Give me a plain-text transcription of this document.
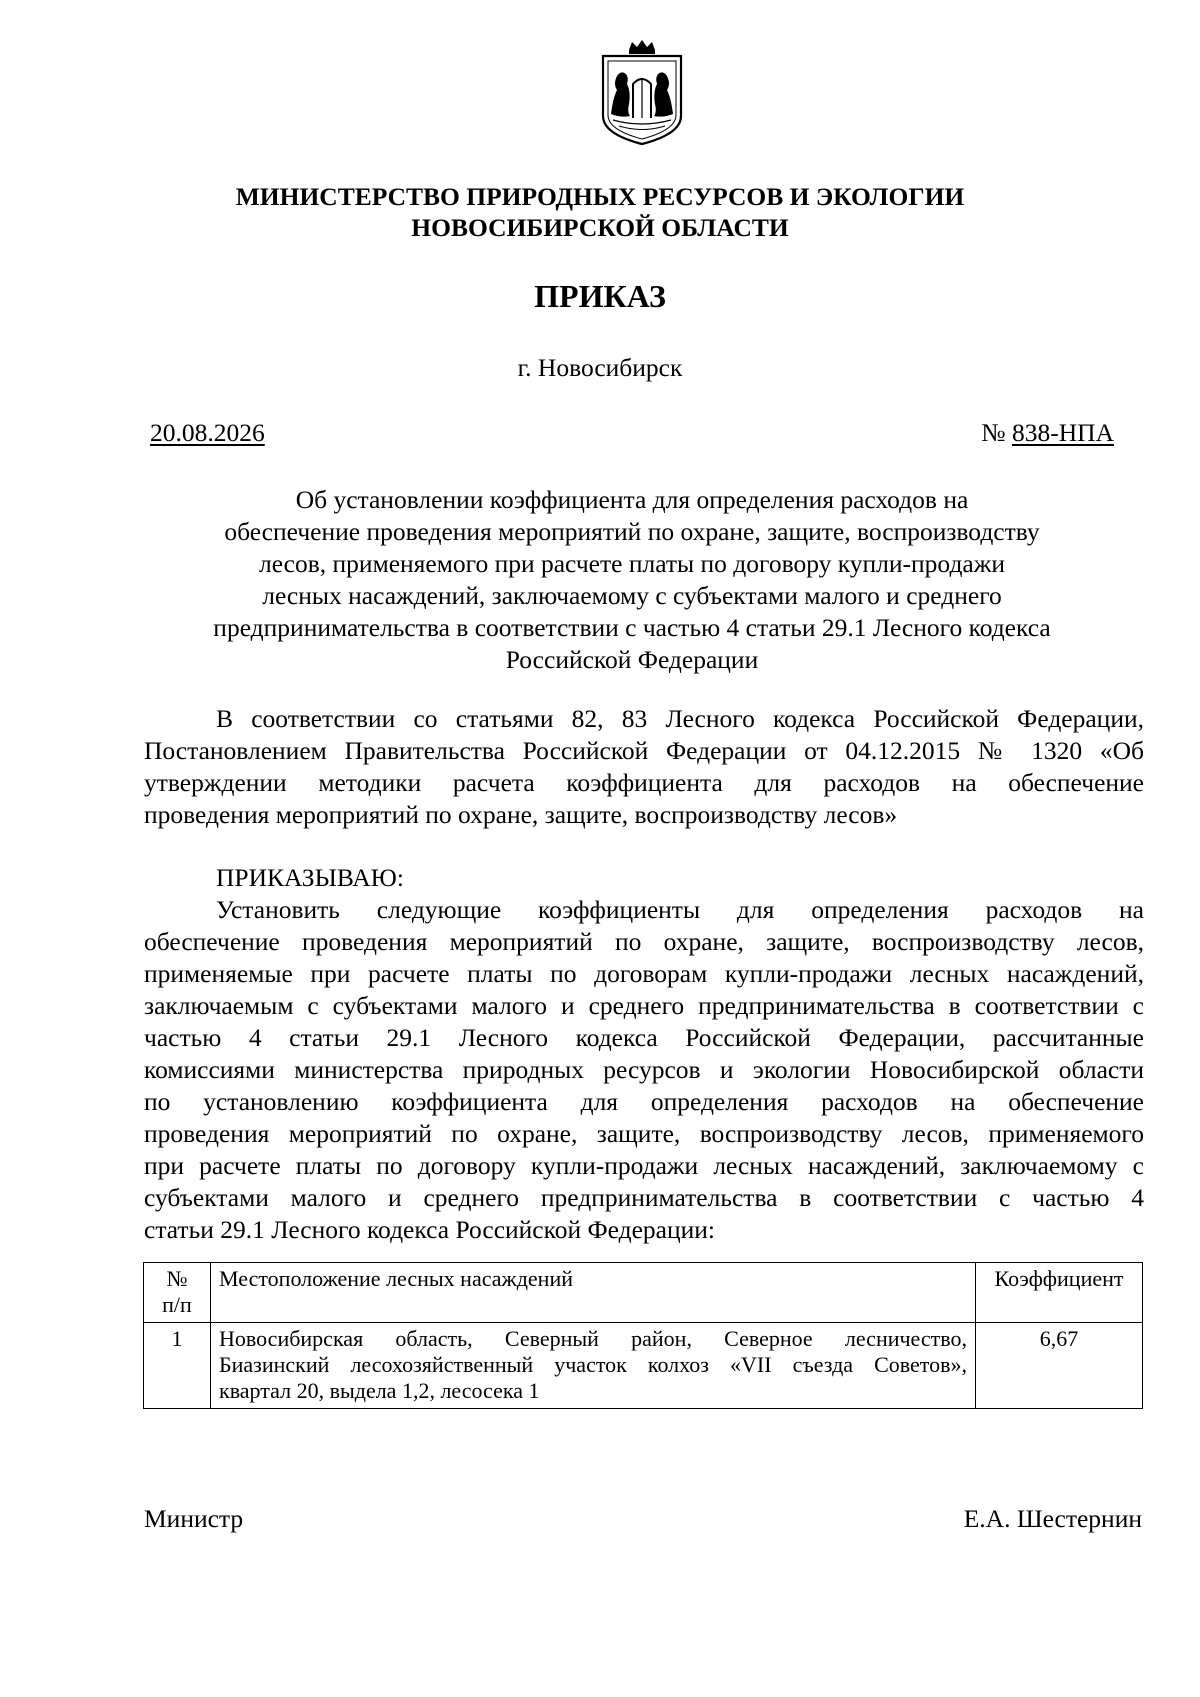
МИНИСТЕРСТВО ПРИРОДНЫХ РЕСУРСОВ И ЭКОЛОГИИ
НОВОСИБИРСКОЙ ОБЛАСТИ
ПРИКАЗ
г. Новосибирск
20.08.2026	№ 838-НПА
Об установлении коэффициента для определения расходов на
обеспечение проведения мероприятий по охране, защите, воспроизводству
лесов, применяемого при расчете платы по договору купли-продажи
лесных насаждений, заключаемому с субъектами малого и среднего
предпринимательства в соответствии с частью 4 статьи 29.1 Лесного кодекса
Российской Федерации
В соответствии со статьями 82, 83 Лесного кодекса Российской Федерации,
Постановлением Правительства Российской Федерации от 04.12.2015 № 1320 «Об
утверждении методики расчета коэффициента для расходов на обеспечение
проведения мероприятий по охране, защите, воспроизводству лесов»
ПРИКАЗЫВАЮ:
Установить следующие коэффициенты для определения расходов на
обеспечение проведения мероприятий по охране, защите, воспроизводству лесов,
применяемые при расчете платы по договорам купли-продажи лесных насаждений,
заключаемым с субъектами малого и среднего предпринимательства в соответствии с
частью 4 статьи 29.1 Лесного кодекса Российской Федерации, рассчитанные
комиссиями министерства природных ресурсов и экологии Новосибирской области
по установлению коэффициента для определения расходов на обеспечение
проведения мероприятий по охране, защите, воспроизводству лесов, применяемого
при расчете платы по договору купли-продажи лесных насаждений, заключаемому с
субъектами малого и среднего предпринимательства в соответствии с частью 4
статьи 29.1 Лесного кодекса Российской Федерации:
№
п/п	Местоположение лесных насаждений	Коэффициент
1	Новосибирская область, Северный район, Северное лесничество,
Биазинский лесохозяйственный участок колхоз «VII съезда Советов»,
квартал 20, выдела 1,2, лесосека 1	6,67
Министр	Е.А. Шестернин
